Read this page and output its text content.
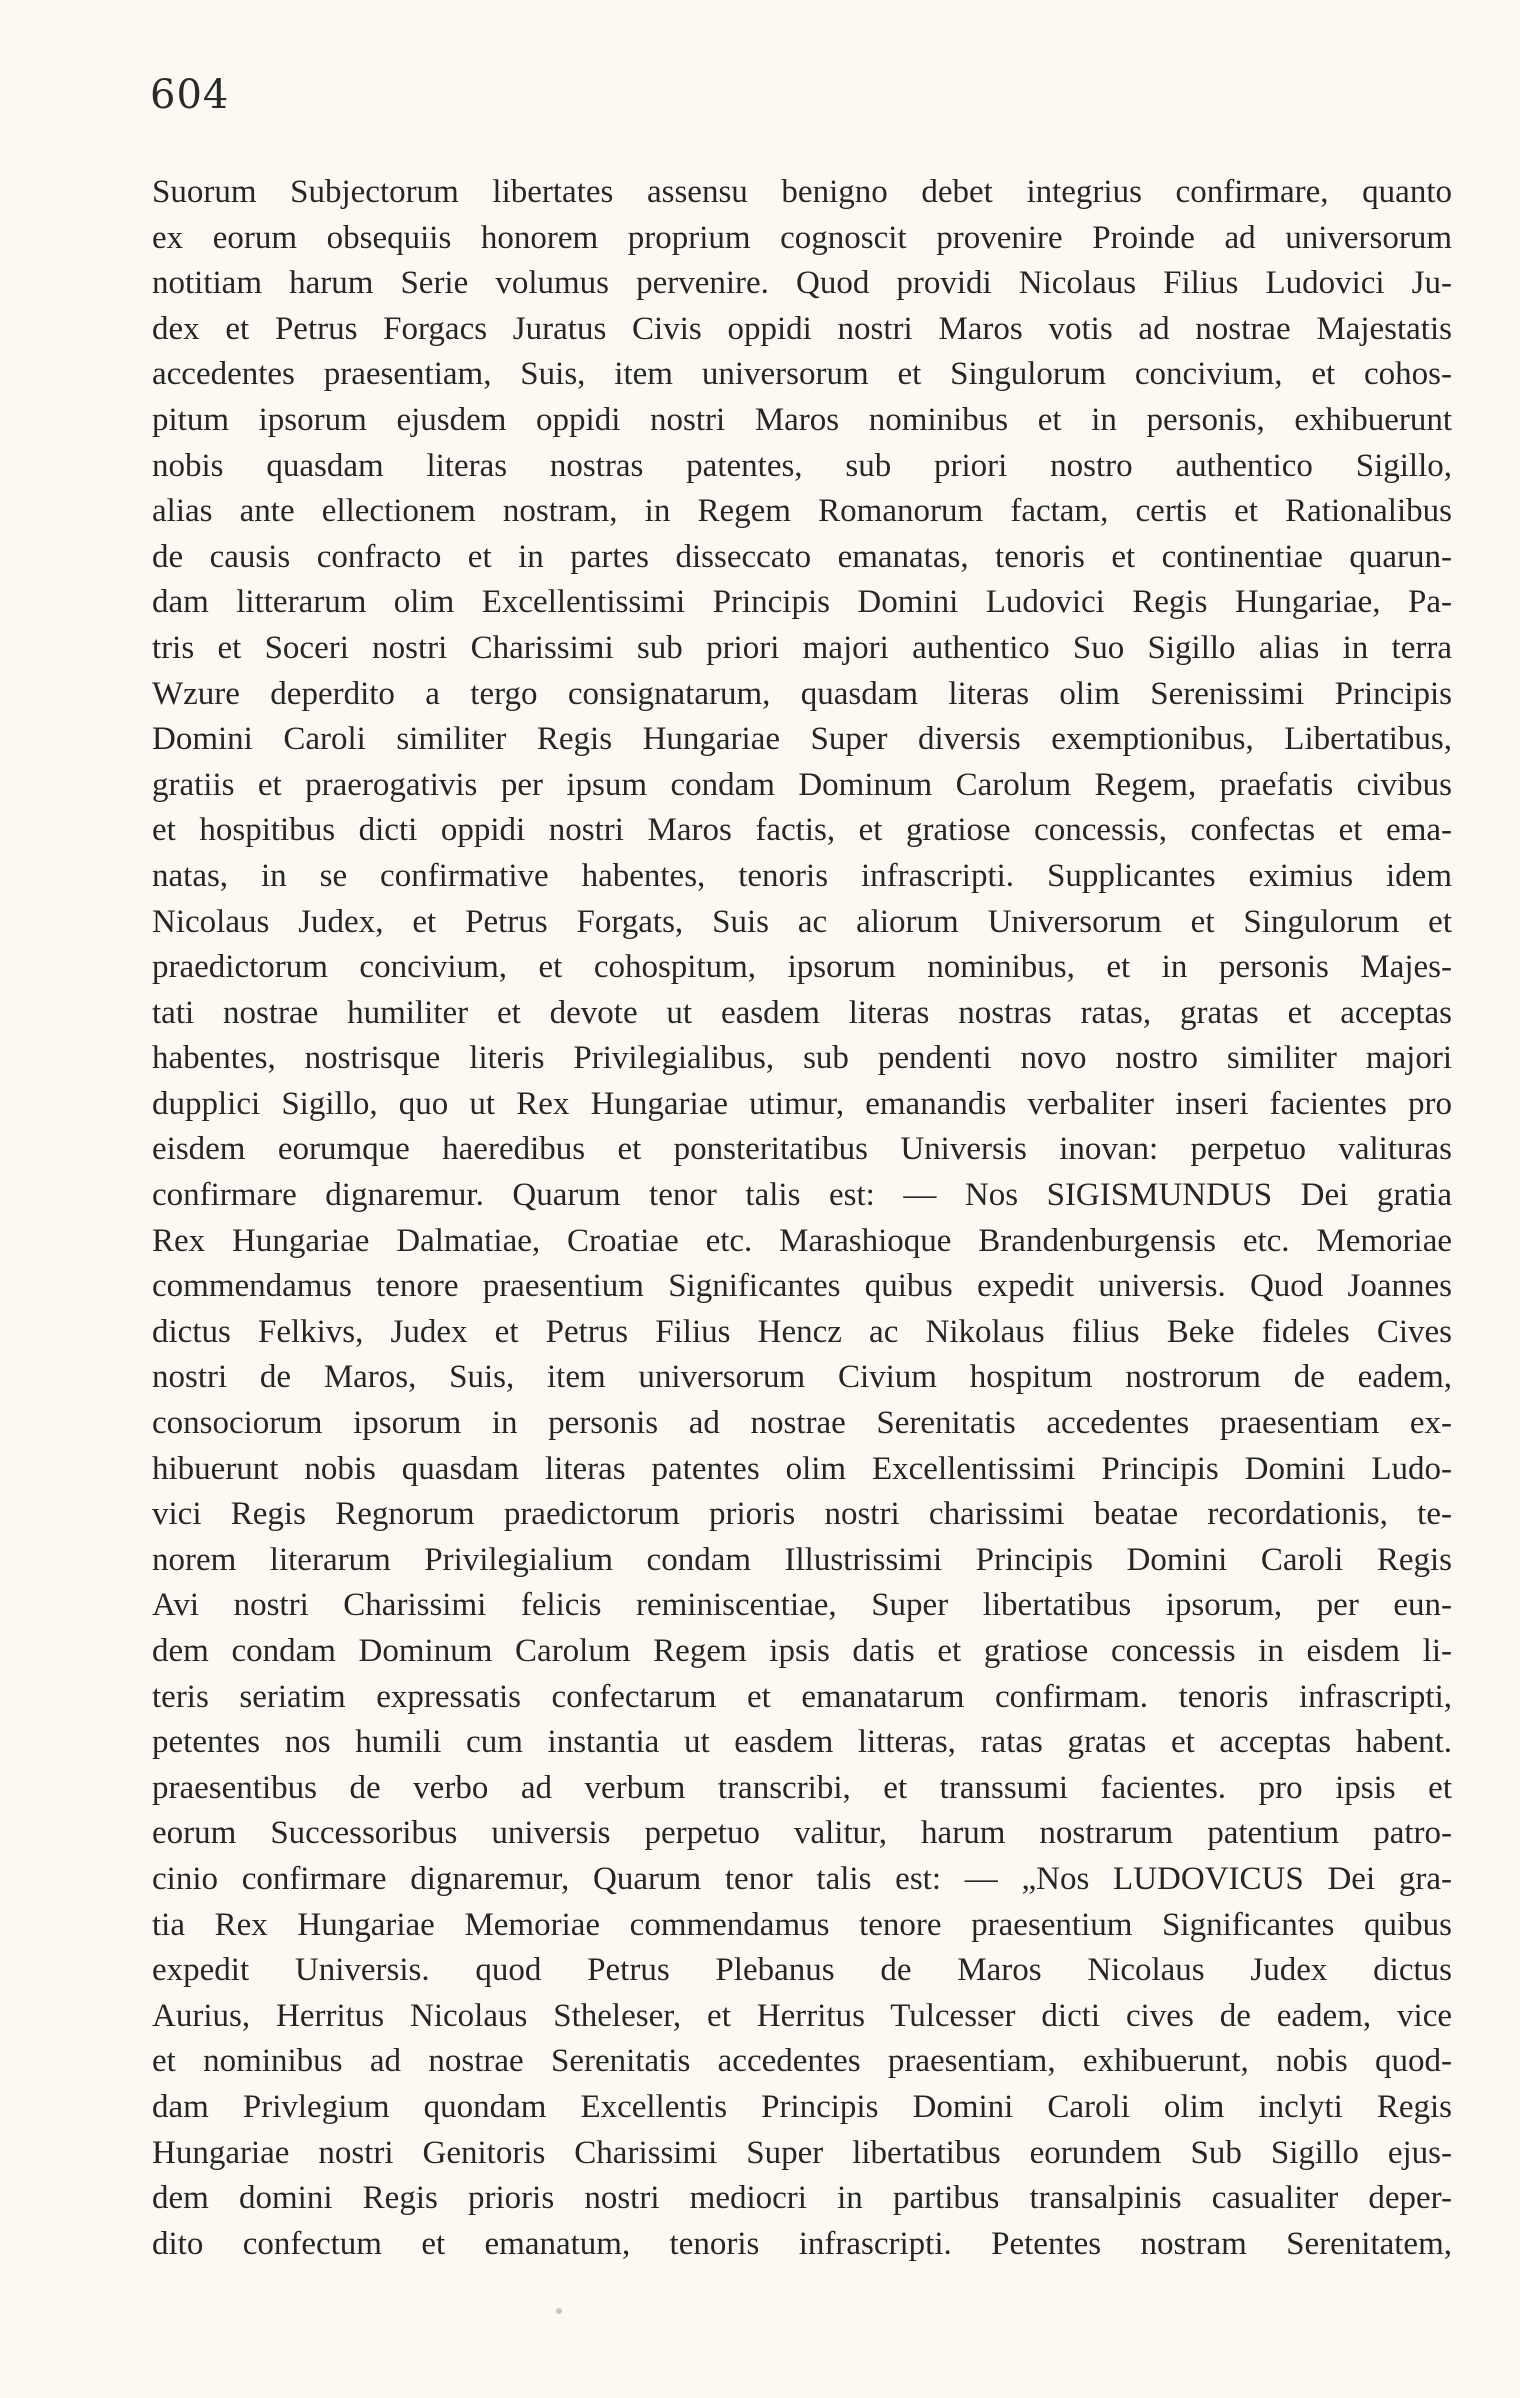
604
Suorum Subjectorum libertates assensu benigno debet integrius confirmare, quanto
ex eorum obsequiis honorem proprium cognoscit provenire Proinde ad universorum
notitiam harum Serie volumus pervenire. Quod providi Nicolaus Filius Ludovici Ju-
dex et Petrus Forgacs Juratus Civis oppidi nostri Maros votis ad nostrae Majestatis
accedentes praesentiam, Suis, item universorum et Singulorum concivium, et cohos-
pitum ipsorum ejusdem oppidi nostri Maros nominibus et in personis, exhibuerunt
nobis quasdam literas nostras patentes, sub priori nostro authentico Sigillo,
alias ante ellectionem nostram, in Regem Romanorum factam, certis et Rationalibus
de causis confracto et in partes disseccato emanatas, tenoris et continentiae quarun-
dam litterarum olim Excellentissimi Principis Domini Ludovici Regis Hungariae, Pa-
tris et Soceri nostri Charissimi sub priori majori authentico Suo Sigillo alias in terra
Wzure deperdito a tergo consignatarum, quasdam literas olim Serenissimi Principis
Domini Caroli similiter Regis Hungariae Super diversis exemptionibus, Libertatibus,
gratiis et praerogativis per ipsum condam Dominum Carolum Regem, praefatis civibus
et hospitibus dicti oppidi nostri Maros factis, et gratiose concessis, confectas et ema-
natas, in se confirmative habentes, tenoris infrascripti. Supplicantes eximius idem
Nicolaus Judex, et Petrus Forgats, Suis ac aliorum Universorum et Singulorum et
praedictorum concivium, et cohospitum, ipsorum nominibus, et in personis Majes-
tati nostrae humiliter et devote ut easdem literas nostras ratas, gratas et acceptas
habentes, nostrisque literis Privilegialibus, sub pendenti novo nostro similiter majori
dupplici Sigillo, quo ut Rex Hungariae utimur, emanandis verbaliter inseri facientes pro
eisdem eorumque haeredibus et ponsteritatibus Universis inovan: perpetuo valituras
confirmare dignaremur. Quarum tenor talis est: — Nos SIGISMUNDUS Dei gratia
Rex Hungariae Dalmatiae, Croatiae etc. Marashioque Brandenburgensis etc. Memoriae
commendamus tenore praesentium Significantes quibus expedit universis. Quod Joannes
dictus Felkivs, Judex et Petrus Filius Hencz ac Nikolaus filius Beke fideles Cives
nostri de Maros, Suis, item universorum Civium hospitum nostrorum de eadem,
consociorum ipsorum in personis ad nostrae Serenitatis accedentes praesentiam ex-
hibuerunt nobis quasdam literas patentes olim Excellentissimi Principis Domini Ludo-
vici Regis Regnorum praedictorum prioris nostri charissimi beatae recordationis, te-
norem literarum Privilegialium condam Illustrissimi Principis Domini Caroli Regis
Avi nostri Charissimi felicis reminiscentiae, Super libertatibus ipsorum, per eun-
dem condam Dominum Carolum Regem ipsis datis et gratiose concessis in eisdem li-
teris seriatim expressatis confectarum et emanatarum confirmam. tenoris infrascripti,
petentes nos humili cum instantia ut easdem litteras, ratas gratas et acceptas habent.
praesentibus de verbo ad verbum transcribi, et transsumi facientes. pro ipsis et
eorum Successoribus universis perpetuo valitur, harum nostrarum patentium patro-
cinio confirmare dignaremur, Quarum tenor talis est: — „Nos LUDOVICUS Dei gra-
tia Rex Hungariae Memoriae commendamus tenore praesentium Significantes quibus
expedit Universis. quod Petrus Plebanus de Maros Nicolaus Judex dictus
Aurius, Herritus Nicolaus Stheleser, et Herritus Tulcesser dicti cives de eadem, vice
et nominibus ad nostrae Serenitatis accedentes praesentiam, exhibuerunt, nobis quod-
dam Privlegium quondam Excellentis Principis Domini Caroli olim inclyti Regis
Hungariae nostri Genitoris Charissimi Super libertatibus eorundem Sub Sigillo ejus-
dem domini Regis prioris nostri mediocri in partibus transalpinis casualiter deper-
dito confectum et emanatum, tenoris infrascripti. Petentes nostram Serenitatem,
